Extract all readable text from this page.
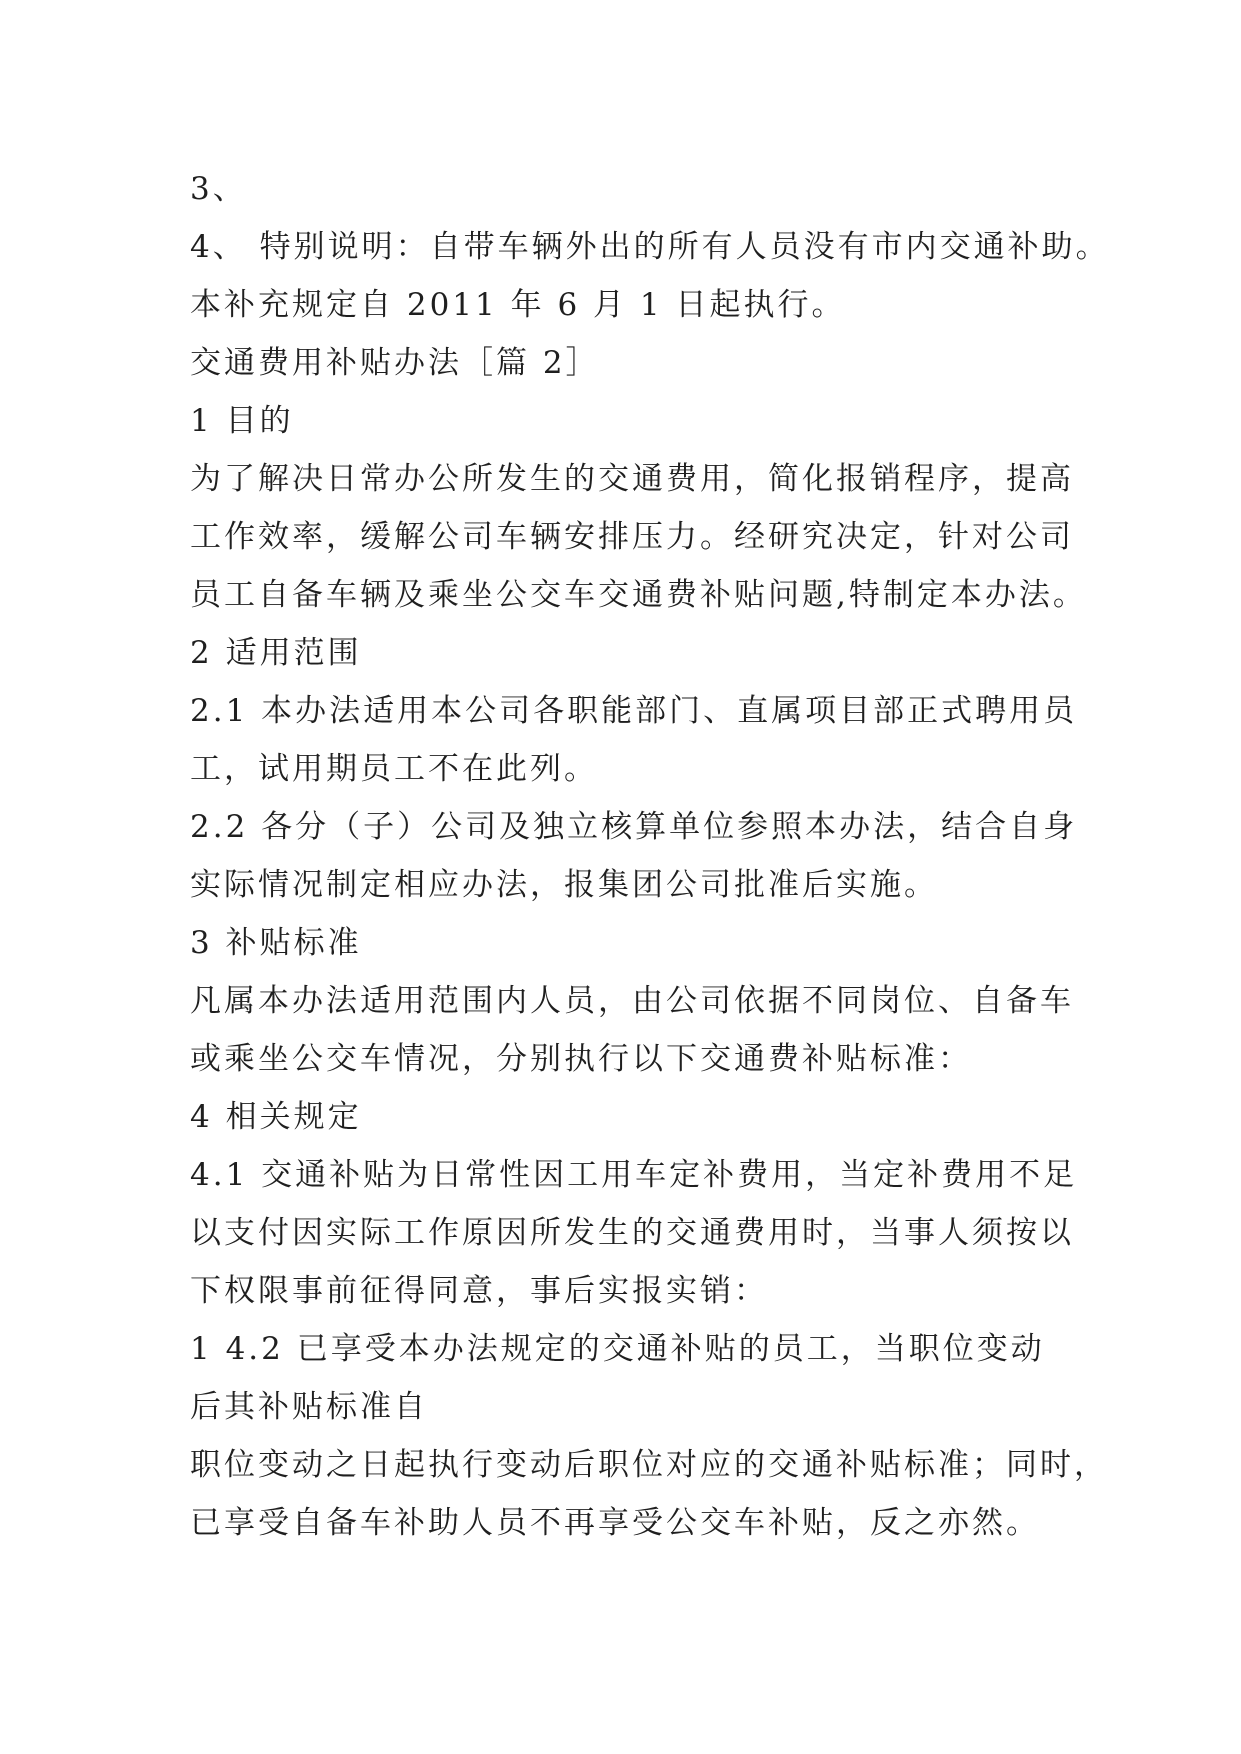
3、
4、 特别说明：自带车辆外出的所有人员没有市内交通补助。
本补充规定自 2011 年 6 月 1 日起执行。
交通费用补贴办法［篇 2］
1 目的
为了解决日常办公所发生的交通费用，简化报销程序，提高
工作效率，缓解公司车辆安排压力。经研究决定，针对公司
员工自备车辆及乘坐公交车交通费补贴问题,特制定本办法。
2 适用范围
2.1 本办法适用本公司各职能部门、直属项目部正式聘用员
工，试用期员工不在此列。
2.2 各分（子）公司及独立核算单位参照本办法，结合自身
实际情况制定相应办法，报集团公司批准后实施。
3 补贴标准
凡属本办法适用范围内人员，由公司依据不同岗位、自备车
或乘坐公交车情况，分别执行以下交通费补贴标准：
4 相关规定
4.1 交通补贴为日常性因工用车定补费用，当定补费用不足
以支付因实际工作原因所发生的交通费用时，当事人须按以
下权限事前征得同意，事后实报实销：
1 4.2 已享受本办法规定的交通补贴的员工，当职位变动
后其补贴标准自
职位变动之日起执行变动后职位对应的交通补贴标准；同时，
已享受自备车补助人员不再享受公交车补贴，反之亦然。
